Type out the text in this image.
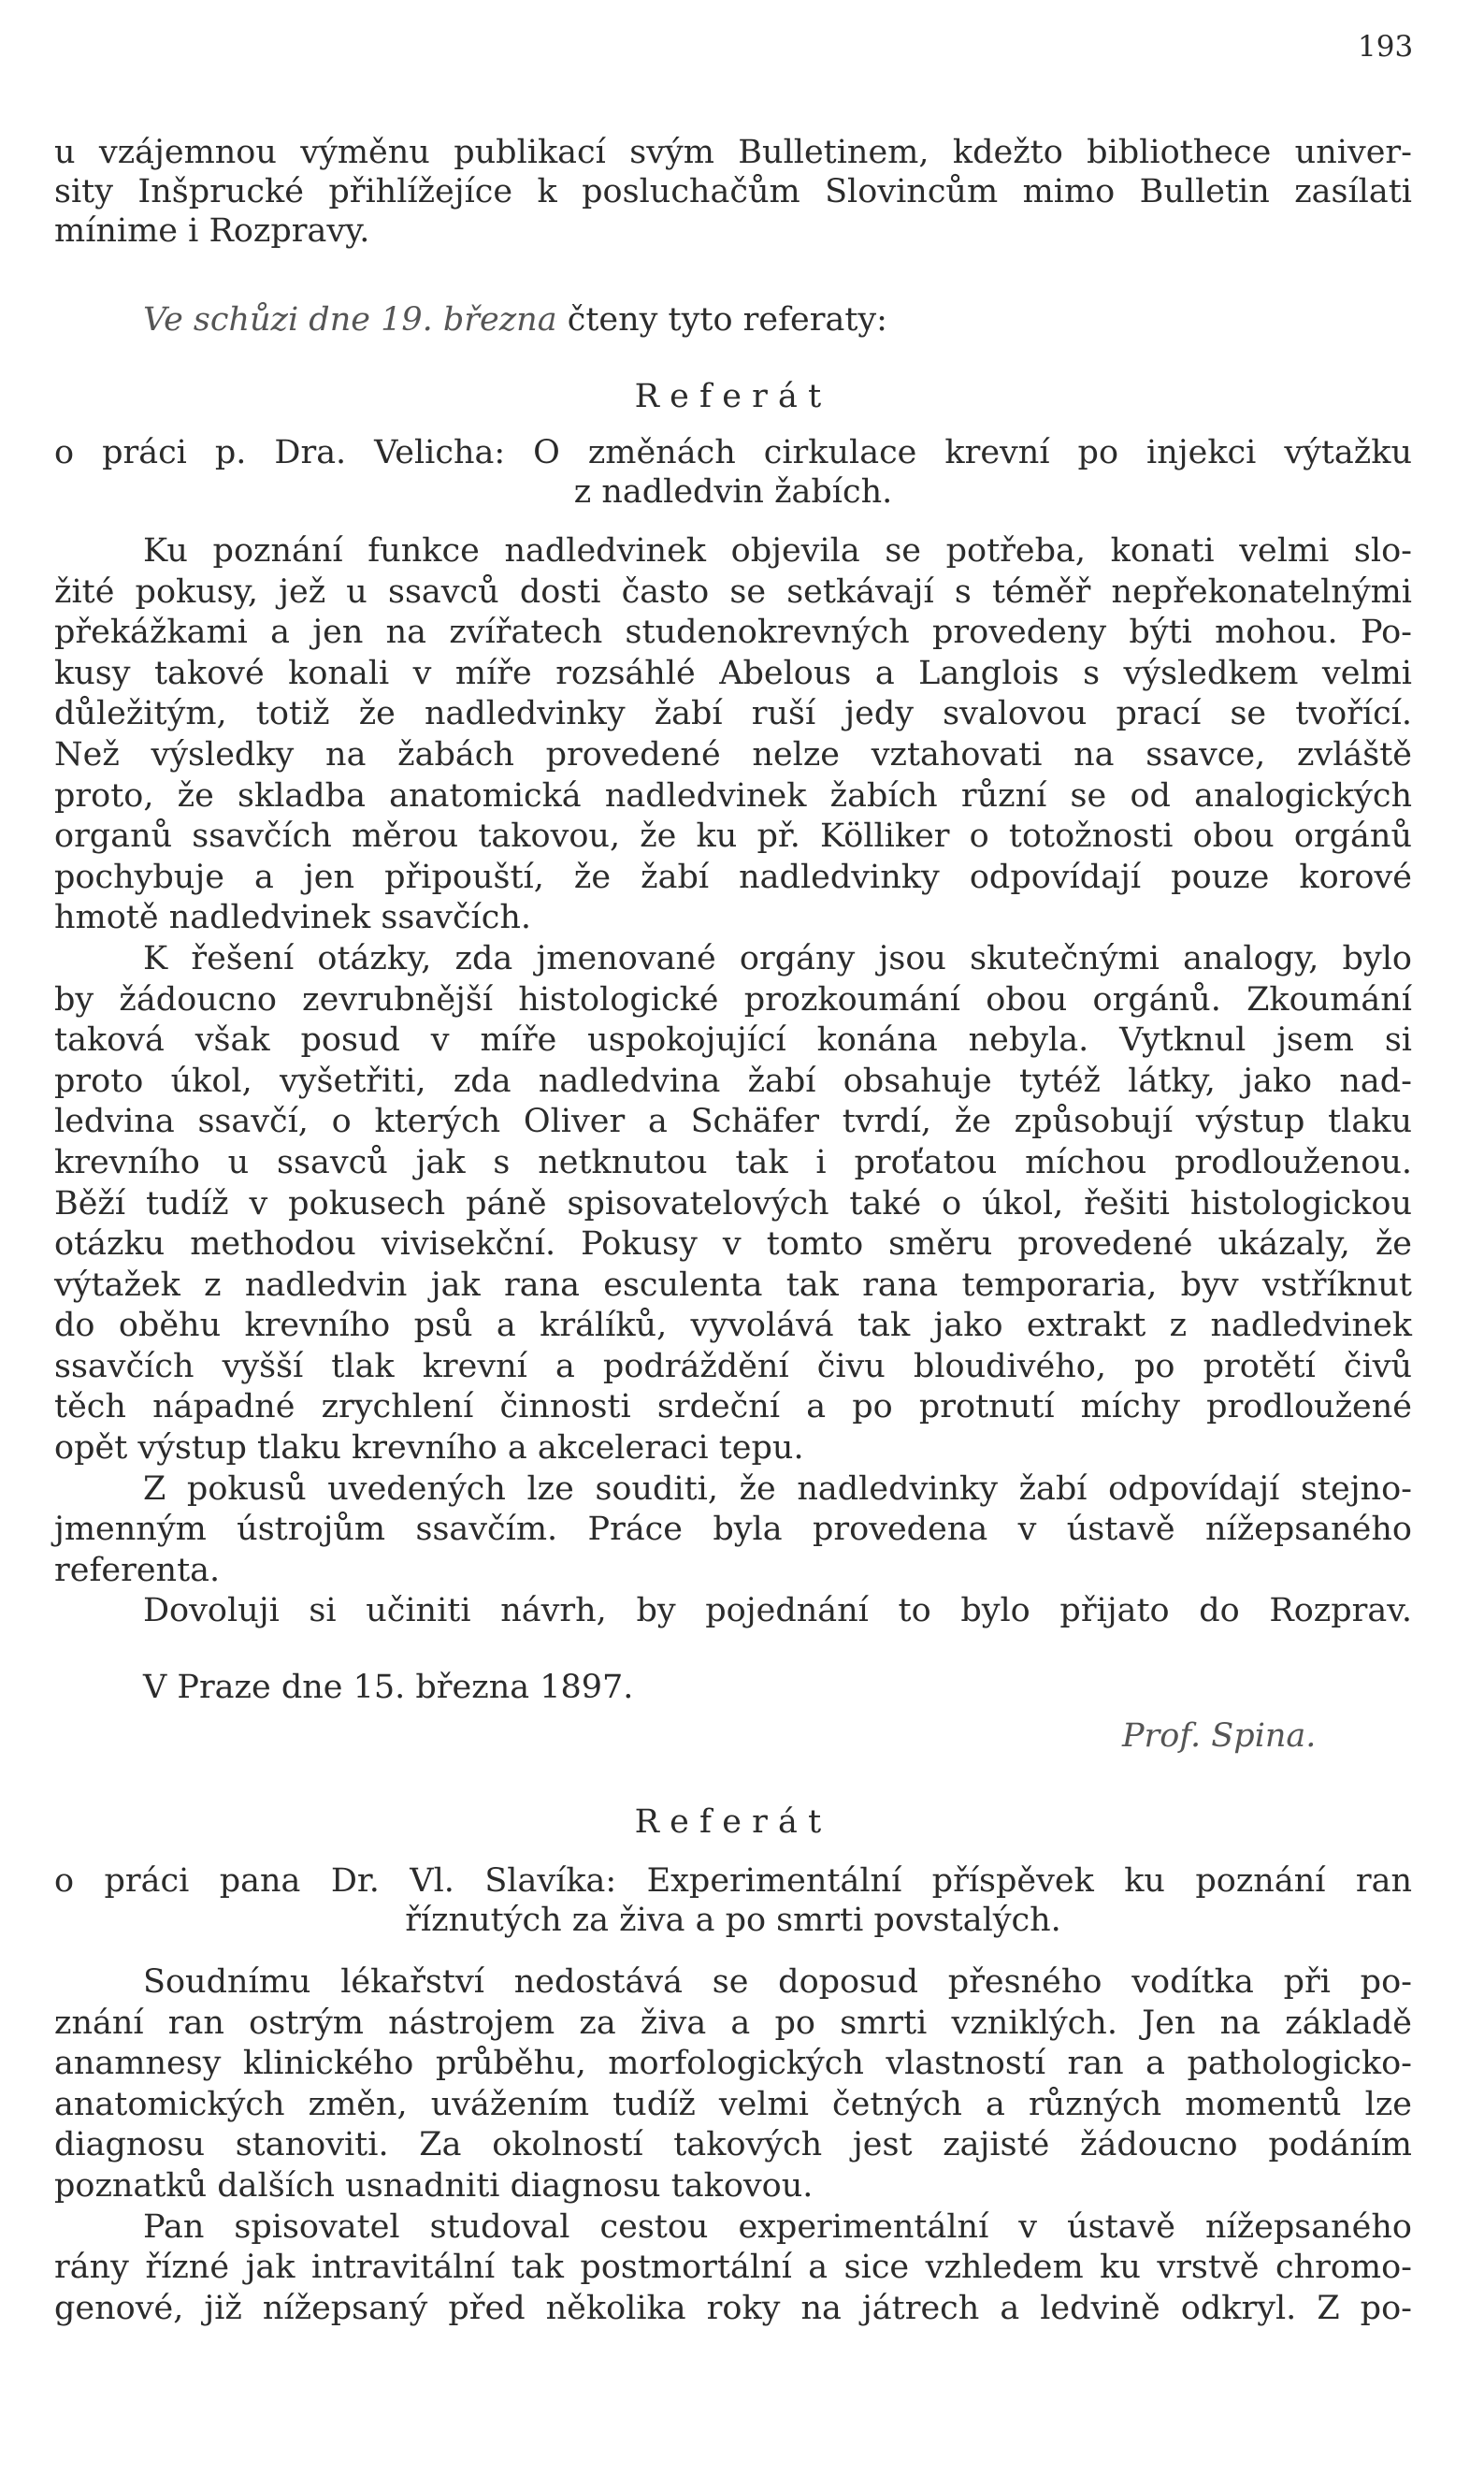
193

u vzájemnou výměnu publikací svým Bulletinem, kdežto bibliothece univer-

sity Inšprucké přihlížejíce k posluchačům Slovincům mimo Bulletin zasílati

mínime i Rozpravy.

Ve schůzi dne 19. března čteny tyto referaty:

Referát

o práci p. Dra. Velicha: O změnách cirkulace krevní po injekci výtažku

z nadledvin žabích.

Ku poznání funkce nadledvinek objevila se potřeba, konati velmi slo-

žité pokusy, jež u ssavců dosti často se setkávají s téměř nepřekonatelnými

překážkami a jen na zvířatech studenokrevných provedeny býti mohou. Po-

kusy takové konali v míře rozsáhlé Abelous a Langlois s výsledkem velmi

důležitým, totiž že nadledvinky žabí ruší jedy svalovou prací se tvořící.

Než výsledky na žabách provedené nelze vztahovati na ssavce, zvláště

proto, že skladba anatomická nadledvinek žabích různí se od analogických

organů ssavčích měrou takovou, že ku př. Kölliker o totožnosti obou orgánů

pochybuje a jen připouští, že žabí nadledvinky odpovídají pouze korové

hmotě nadledvinek ssavčích.

K řešení otázky, zda jmenované orgány jsou skutečnými analogy, bylo

by žádoucno zevrubnější histologické prozkoumání obou orgánů. Zkoumání

taková však posud v míře uspokojující konána nebyla. Vytknul jsem si

proto úkol, vyšetřiti, zda nadledvina žabí obsahuje tytéž látky, jako nad-

ledvina ssavčí, o kterých Oliver a Schäfer tvrdí, že způsobují výstup tlaku

krevního u ssavců jak s netknutou tak i proťatou míchou prodlouženou.

Běží tudíž v pokusech páně spisovatelových také o úkol, řešiti histologickou

otázku methodou vivisekční. Pokusy v tomto směru provedené ukázaly, že

výtažek z nadledvin jak rana esculenta tak rana temporaria, byv vstříknut

do oběhu krevního psů a králíků, vyvolává tak jako extrakt z nadledvinek

ssavčích vyšší tlak krevní a podráždění čivu bloudivého, po protětí čivů

těch nápadné zrychlení činnosti srdeční a po protnutí míchy prodloužené

opět výstup tlaku krevního a akceleraci tepu.

Z pokusů uvedených lze souditi, že nadledvinky žabí odpovídají stejno-

jmenným ústrojům ssavčím. Práce byla provedena v ústavě nížepsaného

referenta.

Dovoluji si učiniti návrh, by pojednání to bylo přijato do Rozprav.

V Praze dne 15. března 1897.

Prof. Spina.

Referát

o práci pana Dr. Vl. Slavíka: Experimentální příspěvek ku poznání ran

říznutých za živa a po smrti povstalých.

Soudnímu lékařství nedostává se doposud přesného vodítka při po-

znání ran ostrým nástrojem za živa a po smrti vzniklých. Jen na základě

anamnesy klinického průběhu, morfologických vlastností ran a pathologicko-

anatomických změn, uvážením tudíž velmi četných a různých momentů lze

diagnosu stanoviti. Za okolností takových jest zajisté žádoucno podáním

poznatků dalších usnadniti diagnosu takovou.

Pan spisovatel studoval cestou experimentální v ústavě nížepsaného

rány řízné jak intravitální tak postmortální a sice vzhledem ku vrstvě chromo-

genové, již nížepsaný před několika roky na játrech a ledvině odkryl. Z po-
